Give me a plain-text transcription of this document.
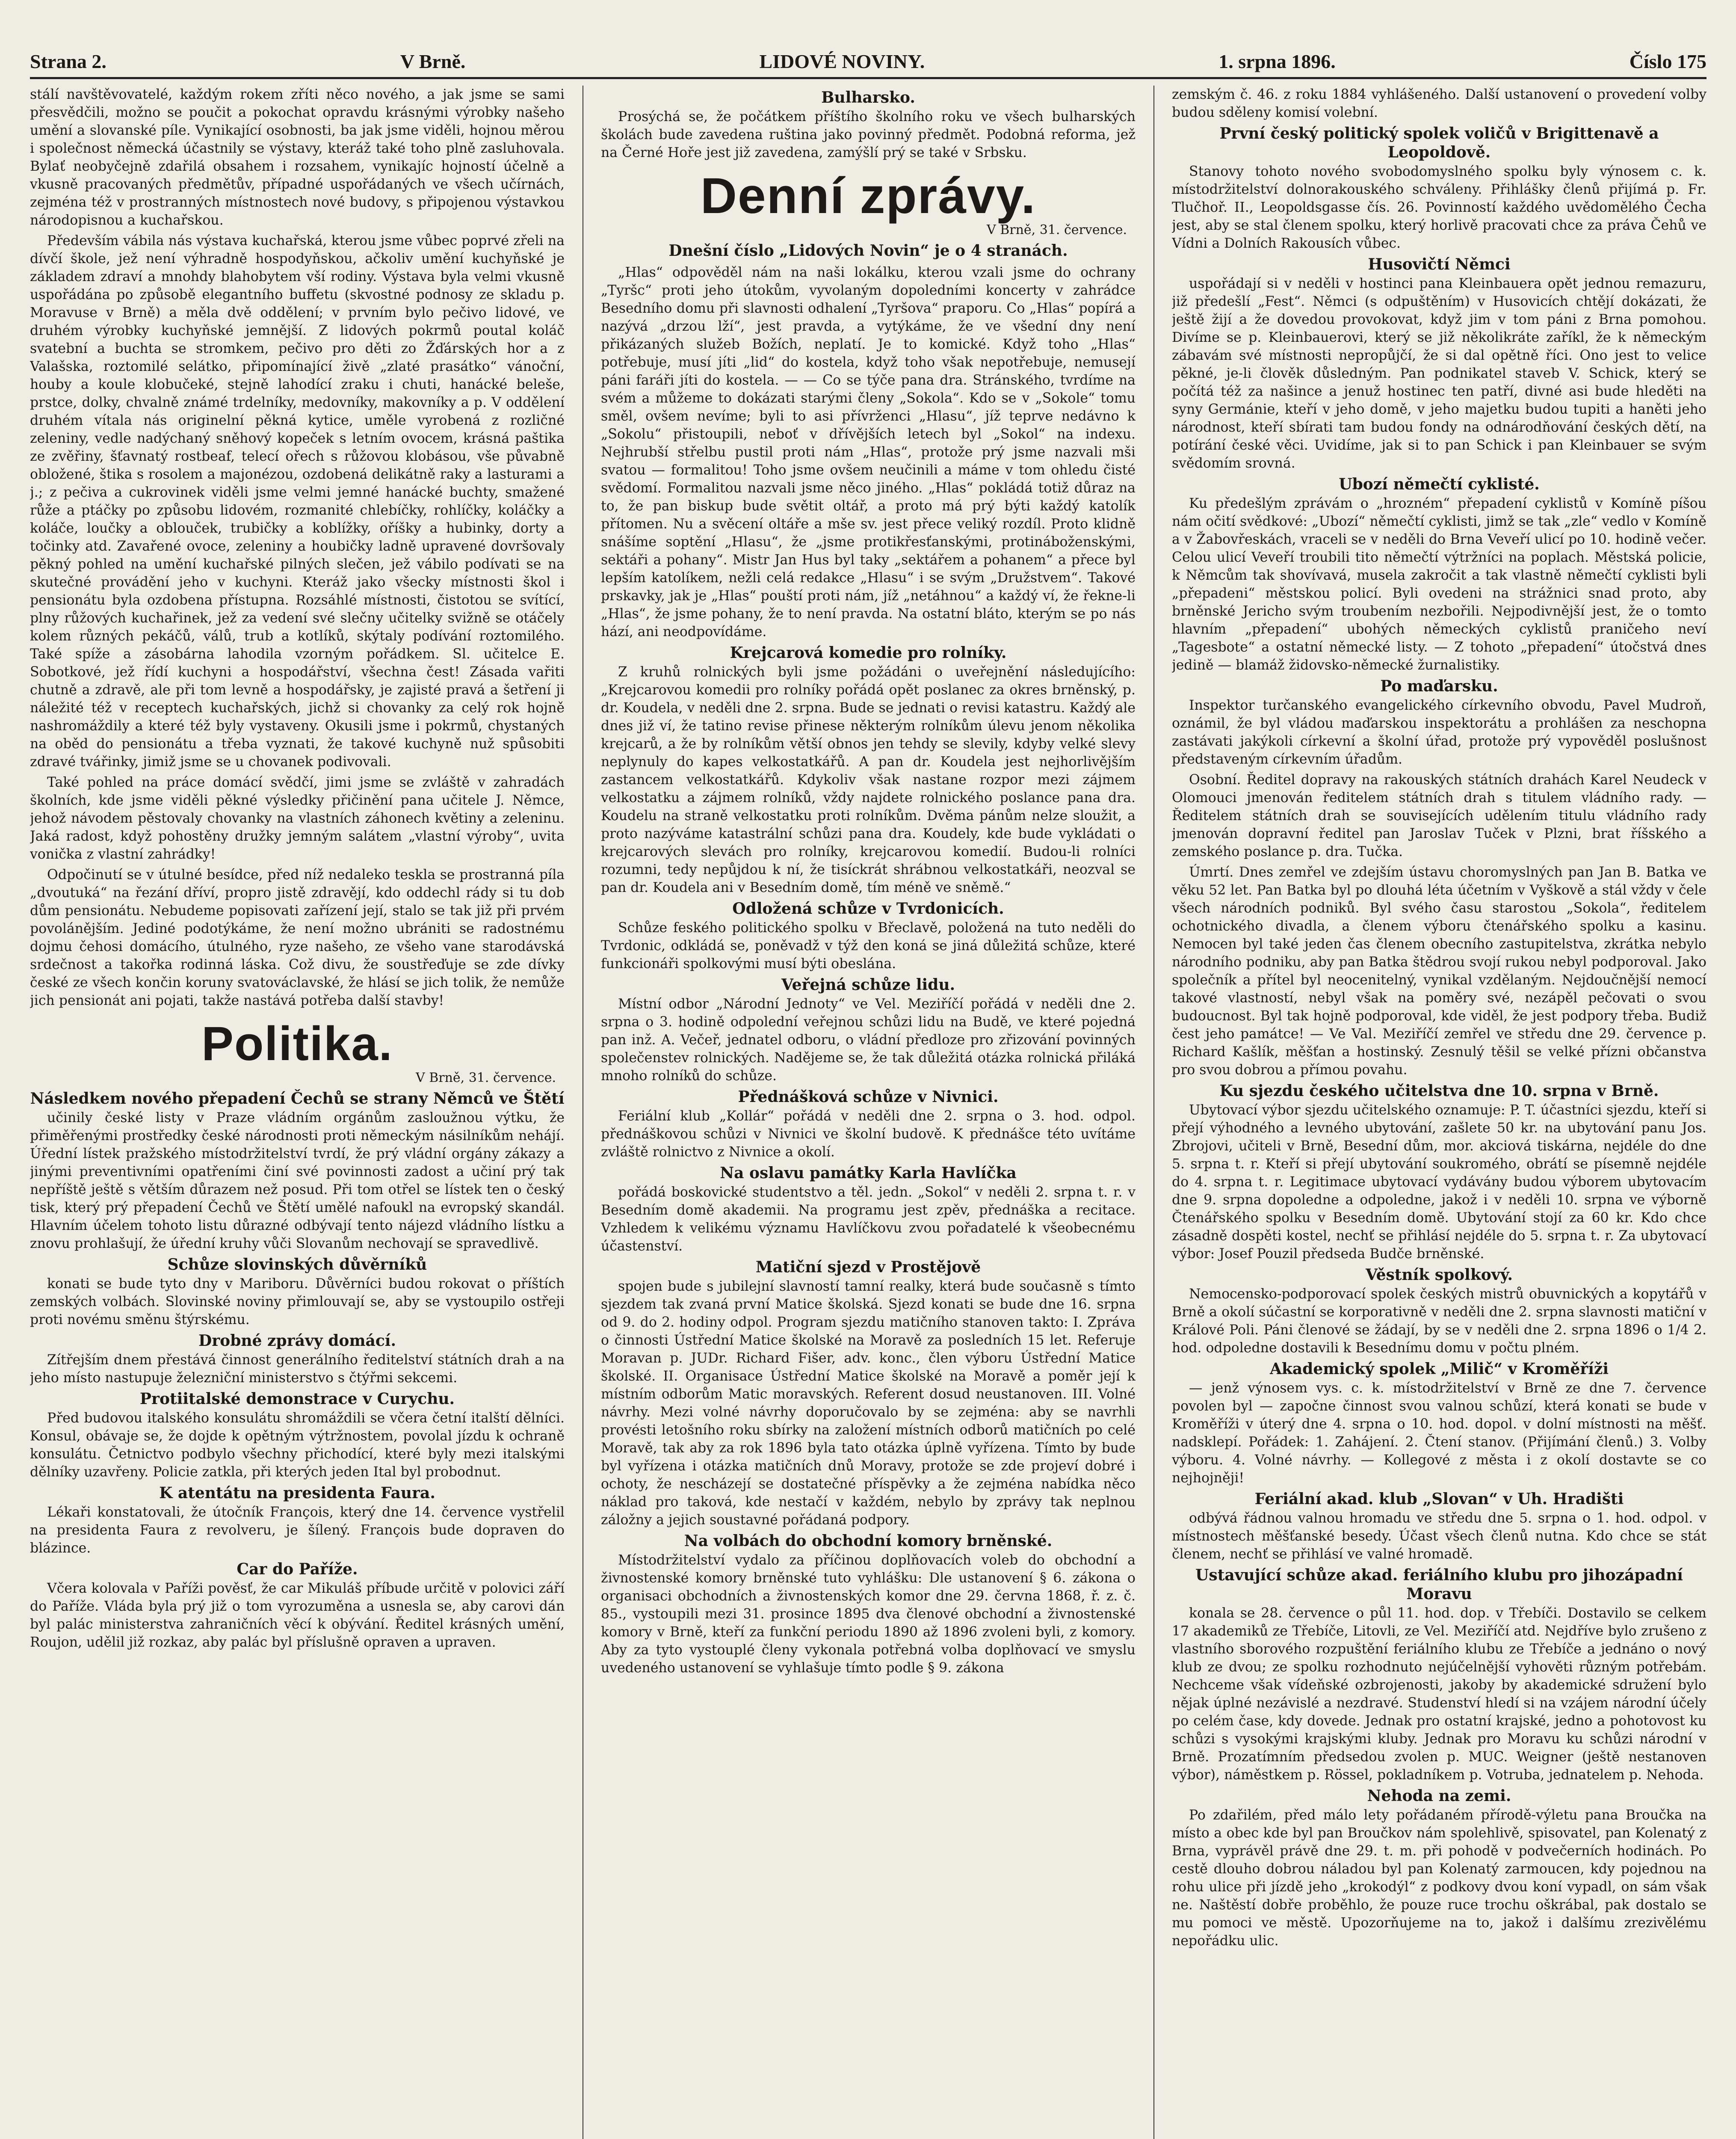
Strana 2.	V Brně.	LIDOVÉ NOVINY.	1. srpna 1896.	Číslo 175

stálí navštěvovatelé, každým rokem zříti něco nového, a jak jsme se sami přesvědčili, možno se poučit a pokochat opravdu krásnými výrobky našeho umění a slovanské píle. Vynikající osobnosti, ba jak jsme viděli, hojnou měrou i společnost německá účastnily se výstavy, kteráž také toho plně zasluhovala. Bylať neobyčejně zdařilá obsahem i rozsahem, vynikajíc hojností účelně a vkusně pracovaných předmětův, případné uspořádaných ve všech učírnách, zejména též v prostranných místnostech nové budovy, s připojenou výstavkou národopisnou a kuchařskou.

Především vábila nás výstava kuchařská, kterou jsme vůbec poprvé zřeli na dívčí škole, jež není výhradně hospodyňskou, ačkoliv umění kuchyňské je základem zdraví a mnohdy blahobytem vší rodiny. Výstava byla velmi vkusně uspořádána po způsobě elegantního buffetu (skvostné podnosy ze skladu p. Moravuse v Brně) a měla dvě oddělení; v prvním bylo pečivo lidové, ve druhém výrobky kuchyňské jemnější. Z lidových pokrmů poutal koláč svatební a buchta se stromkem, pečivo pro děti zo Žďárských hor a z Valašska, roztomilé selátko, připomínající živě „zlaté prasátko“ vánoční, houby a koule klobučeké, stejně lahodící zraku i chuti, hanácké beleše, prstce, dolky, chvalně známé trdelníky, medovníky, makovníky a p. V oddělení druhém vítala nás originelní pěkná kytice, uměle vyrobená z rozličné zeleniny, vedle nadýchaný sněhový kopeček s letním ovocem, krásná paštika ze zvěřiny, šťavnatý rostbeaf, telecí ořech s růžovou klobásou, vše půvabně obložené, štika s rosolem a majonézou, ozdobená delikátně raky a lasturami a j.; z pečiva a cukrovinek viděli jsme velmi jemné hanácké buchty, smažené růže a ptáčky po způsobu lidovém, rozmanité chlebíčky, rohlíčky, koláčky a koláče, loučky a oblouček, trubičky a koblížky, oříšky a hubinky, dorty a točinky atd. Zavařené ovoce, zeleniny a houbičky ladně upravené dovršovaly pěkný pohled na umění kuchařské pilných slečen, jež vábilo podívati se na skutečné provádění jeho v kuchyni. Kteráž jako všecky místnosti škol i pensionátu byla ozdobena přístupna. Rozsáhlé místnosti, čistotou se svítící, plny růžových kuchařinek, jež za vedení své slečny učitelky svižně se otáčely kolem různých pekáčů, válů, trub a kotlíků, skýtaly podívání roztomilého. Také spíže a zásobárna lahodila vzorným pořádkem. Sl. učitelce E. Sobotkové, jež řídí kuchyni a hospodářství, všechna čest! Zásada vařiti chutně a zdravě, ale při tom levně a hospodářsky, je zajisté pravá a šetření ji náležité též v receptech kuchařských, jichž si chovanky za celý rok hojně nashromáždily a které též byly vystaveny. Okusili jsme i pokrmů, chystaných na oběd do pensionátu a třeba vyznati, že takové kuchyně nuž spůsobiti zdravé tvářinky, jimiž jsme se u chovanek podivovali.

Také pohled na práce domácí svědčí, jimi jsme se zvláště v zahradách školních, kde jsme viděli pěkné výsledky přičinění pana učitele J. Němce, jehož návodem pěstovaly chovanky na vlastních záhonech květiny a zeleninu. Jaká radost, když pohostěny družky jemným salátem „vlastní výroby“, uvita vonička z vlastní zahrádky!

Odpočinutí se v útulné besídce, před níž nedaleko teskla se prostranná píla „dvoutuká“ na řezání dříví, propro jistě zdravějí, kdo oddechl rády si tu dob dům pensionátu. Nebudeme popisovati zařízení její, stalo se tak již při prvém povolánějším. Jediné podotýkáme, že není možno ubrániti se radostnému dojmu čehosi domácího, útulného, ryze našeho, ze všeho vane starodávská srdečnost a takořka rodinná láska. Což divu, že soustřeďuje se zde dívky české ze všech končin koruny svatováclavské, že hlásí se jich tolik, že nemůže jich pensionát ani pojati, takže nastává potřeba další stavby!

Politika.
V Brně, 31. července.
Následkem nového přepadení Čechů se strany Němců ve Štětí

učinily české listy v Praze vládním orgánům zasloužnou výtku, že přiměřenými prostředky české národnosti proti německým násilníkům nehájí. Úřední lístek pražského místodržitelství tvrdí, že prý vládní orgány zákazy a jinými preventivními opatřeními činí své povinnosti zadost a učiní prý tak nepříště ještě s větším důrazem než posud. Při tom otřel se lístek ten o český tisk, který prý přepadení Čechů ve Štětí umělé nafoukl na evropský skandál. Hlavním účelem tohoto listu důrazné odbývají tento nájezd vládního lístku a znovu prohlašují, že úřední kruhy vůči Slovanům nechovají se spravedlivě.

Schůze slovinských důvěrníků

konati se bude tyto dny v Mariboru. Důvěrníci budou rokovat o příštích zemských volbách. Slovinské noviny přimlouvají se, aby se vystoupilo ostřeji proti novému směnu štýrskému.

Drobné zprávy domácí.

Zítřejším dnem přestává činnost generálního ředitelství státních drah a na jeho místo nastupuje železniční ministerstvo s čtýřmi sekcemi.

Protiitalské demonstrace v Curychu.

Před budovou italského konsulátu shromáždili se včera četní italští dělníci. Konsul, obávaje se, že dojde k opětným výtržnostem, povolal jízdu k ochraně konsulátu. Četnictvo podbylo všechny přichodící, které byly mezi italskými dělníky uzavřeny. Policie zatkla, při kterých jeden Ital byl probodnut.

K atentátu na presidenta Faura.

Lékaři konstatovali, že útočník François, který dne 14. července vystřelil na presidenta Faura z revolveru, je šílený. François bude dopraven do blázince.

Car do Paříže.

Včera kolovala v Paříži pověsť, že car Mikuláš příbude určitě v polovici září do Paříže. Vláda byla prý již o tom vyrozuměna a usnesla se, aby carovi dán byl palác ministerstva zahraničních věcí k obývání. Ředitel krásných umění, Roujon, udělil již rozkaz, aby palác byl příslušně opraven a upraven.

Bulharsko.

Prosýchá se, že počátkem příštího školního roku ve všech bulharských školách bude zavedena ruština jako povinný předmět. Podobná reforma, jež na Černé Hoře jest již zavedena, zamýšlí prý se také v Srbsku.

Denní zprávy.
V Brně, 31. července.
Dnešní číslo „Lidových Novin“ je o 4 stranách.

„Hlas“ odpověděl nám na naši lokálku, kterou vzali jsme do ochrany „Tyršc“ proti jeho útokům, vyvolaným dopoledními koncerty v zahrádce Besedního domu při slavnosti odhalení „Tyršova“ praporu. Co „Hlas“ popírá a nazývá „drzou lží“, jest pravda, a vytýkáme, že ve všední dny není přikázaných služeb Božích, neplatí. Je to komické. Když toho „Hlas“ potřebuje, musí jíti „lid“ do kostela, když toho však nepotřebuje, nemusejí páni faráři jíti do kostela. — — Co se týče pana dra. Stránského, tvrdíme na svém a můžeme to dokázati starými členy „Sokola“. Kdo se v „Sokole“ tomu směl, ovšem nevíme; byli to asi přívrženci „Hlasu“, jíž teprve nedávno k „Sokolu“ přistoupili, neboť v dřívějších letech byl „Sokol“ na indexu. Nejhrubší střelbu pustil proti nám „Hlas“, protože prý jsme nazvali mši svatou — formalitou! Toho jsme ovšem neučinili a máme v tom ohledu čisté svědomí. Formalitou nazvali jsme něco jiného. „Hlas“ pokládá totiž důraz na to, že pan biskup bude světit oltář, a proto má prý býti každý katolík přítomen. Nu a svěcení oltáře a mše sv. jest přece veliký rozdíl. Proto klidně snášíme soptění „Hlasu“, že „jsme protikřesťanskými, protináboženskými, sektáři a pohany“. Mistr Jan Hus byl taky „sektářem a pohanem“ a přece byl lepším katolíkem, nežli celá redakce „Hlasu“ i se svým „Družstvem“. Takové prskavky, jak je „Hlas“ pouští proti nám, jíž „netáhnou“ a každý ví, že řekne-li „Hlas“, že jsme pohany, že to není pravda. Na ostatní bláto, kterým se po nás hází, ani neodpovídáme.

Krejcarová komedie pro rolníky.

Z kruhů rolnických byli jsme požádáni o uveřejnění následujícího: „Krejcarovou komedii pro rolníky pořádá opět poslanec za okres brněnský, p. dr. Koudela, v neděli dne 2. srpna. Bude se jednati o revisi katastru. Každý ale dnes již ví, že tatino revise přinese některým rolníkům úlevu jenom několika krejcarů, a že by rolníkům větší obnos jen tehdy se slevily, kdyby velké slevy neplynuly do kapes velkostatkářů. A pan dr. Koudela jest nejhorlivějším zastancem velkostatkářů. Kdykoliv však nastane rozpor mezi zájmem velkostatku a zájmem rolníků, vždy najdete rolnického poslance pana dra. Koudelu na straně velkostatku proti rolníkům. Dvěma pánům nelze sloužit, a proto nazýváme katastrální schůzi pana dra. Koudely, kde bude vykládati o krejcarových slevách pro rolníky, krejcarovou komedií. Budou-li rolníci rozumni, tedy nepůjdou k ní, že tisíckrát shrábnou velkostatkáři, neozval se pan dr. Koudela ani v Besedním domě, tím méně ve sněmě.“

Odložená schůze v Tvrdonicích.

Schůze feského politického spolku v Břeclavě, položená na tuto neděli do Tvrdonic, odkládá se, poněvadž v týž den koná se jiná důležitá schůze, které funkcionáři spolkovými musí býti obeslána.

Veřejná schůze lidu.

Místní odbor „Národní Jednoty“ ve Vel. Meziříčí pořádá v neděli dne 2. srpna o 3. hodině odpolední veřejnou schůzi lidu na Budě, ve které pojedná pan inž. A. Večeř, jednatel odboru, o vládní předloze pro zřizování povinných společenstev rolnických. Nadějeme se, že tak důležitá otázka rolnická přiláká mnoho rolníků do schůze.

Přednášková schůze v Nivnici.

Feriální klub „Kollár“ pořádá v neděli dne 2. srpna o 3. hod. odpol. přednáškovou schůzi v Nivnici ve školní budově. K přednášce této uvítáme zvláště rolnictvo z Nivnice a okolí.

Na oslavu památky Karla Havlíčka

pořádá boskovické studentstvo a těl. jedn. „Sokol“ v neděli 2. srpna t. r. v Besedním domě akademii. Na programu jest zpěv, přednáška a recitace. Vzhledem k velikému významu Havlíčkovu zvou pořadatelé k všeobecnému účastenství.

Matiční sjezd v Prostějově

spojen bude s jubilejní slavností tamní realky, která bude současně s tímto sjezdem tak zvaná první Matice školská. Sjezd konati se bude dne 16. srpna od 9. do 2. hodiny odpol. Program sjezdu matičního stanoven takto: I. Zpráva o činnosti Ústřední Matice školské na Moravě za posledních 15 let. Referuje Moravan p. JUDr. Richard Fišer, adv. konc., člen výboru Ústřední Matice školské. II. Organisace Ústřední Matice školské na Moravě a poměr její k místním odborům Matic moravských. Referent dosud neustanoven. III. Volné návrhy. Mezi volné návrhy doporučovalo by se zejména: aby se navrhli provésti letošního roku sbírky na založení místních odborů matičních po celé Moravě, tak aby za rok 1896 byla tato otázka úplně vyřízena. Tímto by bude byl vyřízena i otázka matičních dnů Moravy, protože se zde projeví dobré i ochoty, že nescházejí se dostatečné příspěvky a že zejména nabídka něco náklad pro taková, kde nestačí v každém, nebylo by zprávy tak neplnou záložny a jejich soustavné pořádaná podpory.

Na volbách do obchodní komory brněnské.

Místodržitelství vydalo za příčinou doplňovacích voleb do obchodní a živnostenské komory brněnské tuto vyhlášku: Dle ustanovení § 6. zákona o organisaci obchodních a živnostenských komor dne 29. června 1868, ř. z. č. 85., vystoupili mezi 31. prosince 1895 dva členové obchodní a živnostenské komory v Brně, kteří za funkční periodu 1890 až 1896 zvoleni byli, z komory. Aby za tyto vystouplé členy vykonala potřebná volba doplňovací ve smyslu uvedeného ustanovení se vyhlašuje tímto podle § 9. zákona

zemským č. 46. z roku 1884 vyhlášeného. Další ustanovení o provedení volby budou sděleny komisí volební.

První český politický spolek voličů v Brigittenavě a Leopoldově.

Stanovy tohoto nového svobodomyslného spolku byly výnosem c. k. místodržitelství dolnorakouského schváleny. Přihlášky členů přijímá p. Fr. Tlučhoř. II., Leopoldsgasse čís. 26. Povinností každého uvědomělého Čecha jest, aby se stal členem spolku, který horlivě pracovati chce za práva Čehů ve Vídni a Dolních Rakousích vůbec.

Husovičtí Němci

uspořádají si v neděli v hostinci pana Kleinbauera opět jednou remazuru, již předešlí „Fest“. Němci (s odpuštěním) v Husovicích chtějí dokázati, že ještě žijí a že dovedou provokovat, když jim v tom páni z Brna pomohou. Divíme se p. Kleinbauerovi, který se již několikráte zaříkl, že k německým zábavám své místnosti nepropůjčí, že si dal opětně říci. Ono jest to velice pěkné, je-li člověk důsledným. Pan podnikatel staveb V. Schick, který se počítá též za našince a jenuž hostinec ten patří, divné asi bude hleděti na syny Germánie, kteří v jeho domě, v jeho majetku budou tupiti a haněti jeho národnost, kteří sbírati tam budou fondy na odnárodňování českých dětí, na potírání české věci. Uvidíme, jak si to pan Schick i pan Kleinbauer se svým svědomím srovná.

Ubozí němečtí cyklisté.

Ku předešlým zprávám o „hrozném“ přepadení cyklistů v Komíně píšou nám očití svědkové: „Ubozí“ němečtí cyklisti, jimž se tak „zle“ vedlo v Komíně a v Žabovřeskách, vraceli se v neděli do Brna Veveří ulicí po 10. hodině večer. Celou ulicí Veveří troubili tito němečtí výtržníci na poplach. Městská policie, k Němcům tak shovívavá, musela zakročit a tak vlastně němečtí cyklisti byli „přepadeni“ městskou policí. Byli ovedeni na strážnici snad proto, aby brněnské Jericho svým troubením nezbořili. Nejpodivnější jest, že o tomto hlavním „přepadení“ ubohých německých cyklistů praničeho neví „Tagesbote“ a ostatní německé listy. — Z tohoto „přepadení“ útočstvá dnes jedině — blamáž židovsko-německé žurnalistiky.

Po maďarsku.

Inspektor turčanského evangelického církevního obvodu, Pavel Mudroň, oznámil, že byl vládou maďarskou inspektorátu a prohlášen za neschopna zastávati jakýkoli církevní a školní úřad, protože prý vypověděl poslušnost představeným církevním úřadům.

Osobní. Ředitel dopravy na rakouských státních drahách Karel Neudeck v Olomouci jmenován ředitelem státních drah s titulem vládního rady. — Ředitelem státních drah se souvisejících udělením titulu vládního rady jmenován dopravní ředitel pan Jaroslav Tuček v Plzni, brat říšského a zemského poslance p. dra. Tučka.

Úmrtí. Dnes zemřel ve zdejším ústavu choromyslných pan Jan B. Batka ve věku 52 let. Pan Batka byl po dlouhá léta účetním v Vyškově a stál vždy v čele všech národních podniků. Byl svého času starostou „Sokola“, ředitelem ochotnického divadla, a členem výboru čtenářského spolku a kasinu. Nemocen byl také jeden čas členem obecního zastupitelstva, zkrátka nebylo národního podniku, aby pan Batka štědrou svojí rukou nebyl podporoval. Jako společník a přítel byl neocenitelný, vynikal vzdělaným. Nejdoučnější nemocí takové vlastností, nebyl však na poměry své, nezápěl pečovati o svou budoucnost. Byl tak hojně podporoval, kde viděl, že jest podpory třeba. Budiž čest jeho památce! — Ve Val. Meziříčí zemřel ve středu dne 29. července p. Richard Kašlík, měšťan a hostinský. Zesnulý těšil se velké přízni občanstva pro svou dobrou a přímou povahu.

Ku sjezdu českého učitelstva dne 10. srpna v Brně.

Ubytovací výbor sjezdu učitelského oznamuje: P. T. účastníci sjezdu, kteří si přejí výhodného a levného ubytování, zašlete 50 kr. na ubytování panu Jos. Zbrojovi, učiteli v Brně, Besední dům, mor. akciová tiskárna, nejdéle do dne 5. srpna t. r. Kteří si přejí ubytování soukromého, obrátí se písemně nejdéle do 4. srpna t. r. Legitimace ubytovací vydávány budou výborem ubytovacím dne 9. srpna dopoledne a odpoledne, jakož i v neděli 10. srpna ve výborně Čtenářského spolku v Besedním domě. Ubytování stojí za 60 kr. Kdo chce zásadně dospěti kostel, nechť se přihlásí nejdéle do 5. srpna t. r. Za ubytovací výbor: Josef Pouzil předseda Budče brněnské.

Věstník spolkový.

Nemocensko-podporovací spolek českých mistrů obuvnických a kopytářů v Brně a okolí súčastní se korporativně v neděli dne 2. srpna slavnosti matiční v Králové Poli. Páni členové se žádají, by se v neděli dne 2. srpna 1896 o 1/4 2. hod. odpoledne dostavili k Besednímu domu v počtu plném.

Akademický spolek „Milič“ v Kroměříži

— jenž výnosem vys. c. k. místodržitelství v Brně ze dne 7. července povolen byl — započne činnost svou valnou schůzí, která konati se bude v Kroměříži v úterý dne 4. srpna o 10. hod. dopol. v dolní místnosti na měšť. nadsklepí. Pořádek: 1. Zahájení. 2. Čtení stanov. (Přijímání členů.) 3. Volby výboru. 4. Volné návrhy. — Kollegové z města i z okolí dostavte se co nejhojněji!

Feriální akad. klub „Slovan“ v Uh. Hradišti

odbývá řádnou valnou hromadu ve středu dne 5. srpna o 1. hod. odpol. v místnostech měšťanské besedy. Účast všech členů nutna. Kdo chce se stát členem, nechť se přihlásí ve valné hromadě.

Ustavující schůze akad. feriálního klubu pro jihozápadní Moravu

konala se 28. července o půl 11. hod. dop. v Třebíči. Dostavilo se celkem 17 akademiků ze Třebíče, Litovli, ze Vel. Meziříčí atd. Nejdříve bylo zrušeno z vlastního sborového rozpuštění feriálního klubu ze Třebíče a jednáno o nový klub ze dvou; ze spolku rozhodnuto nejúčelnější vyhověti různým potřebám. Nechceme však vídeňské ozbrojenosti, jakoby by akademické sdružení bylo nějak úplné nezávislé a nezdravé. Studenství hledí si na vzájem národní účely po celém čase, kdy dovede. Jednak pro ostatní krajské, jedno a pohotovost ku schůzi s vysokými krajskými kluby. Jednak pro Moravu ku schůzi národní v Brně. Prozatímním předsedou zvolen p. MUC. Weigner (ještě nestanoven výbor), náměstkem p. Rössel, pokladníkem p. Votruba, jednatelem p. Nehoda.

Nehoda na zemi.

Po zdařilém, před málo lety pořádaném přírodě-výletu pana Broučka na místo a obec kde byl pan Broučkov nám spolehlivě, spisovatel, pan Kolenatý z Brna, vyprávěl právě dne 29. t. m. při pohodě v podvečerních hodinách. Po cestě dlouho dobrou náladou byl pan Kolenatý zarmoucen, kdy pojednou na rohu ulice při jízdě jeho „krokodýl“ z podkovy dvou koní vypadl, on sám však ne. Naštěstí dobře proběhlo, že pouze ruce trochu oškrábal, pak dostalo se mu pomoci ve městě. Upozorňujeme na to, jakož i dalšímu zrezivělému nepořádku ulic.
